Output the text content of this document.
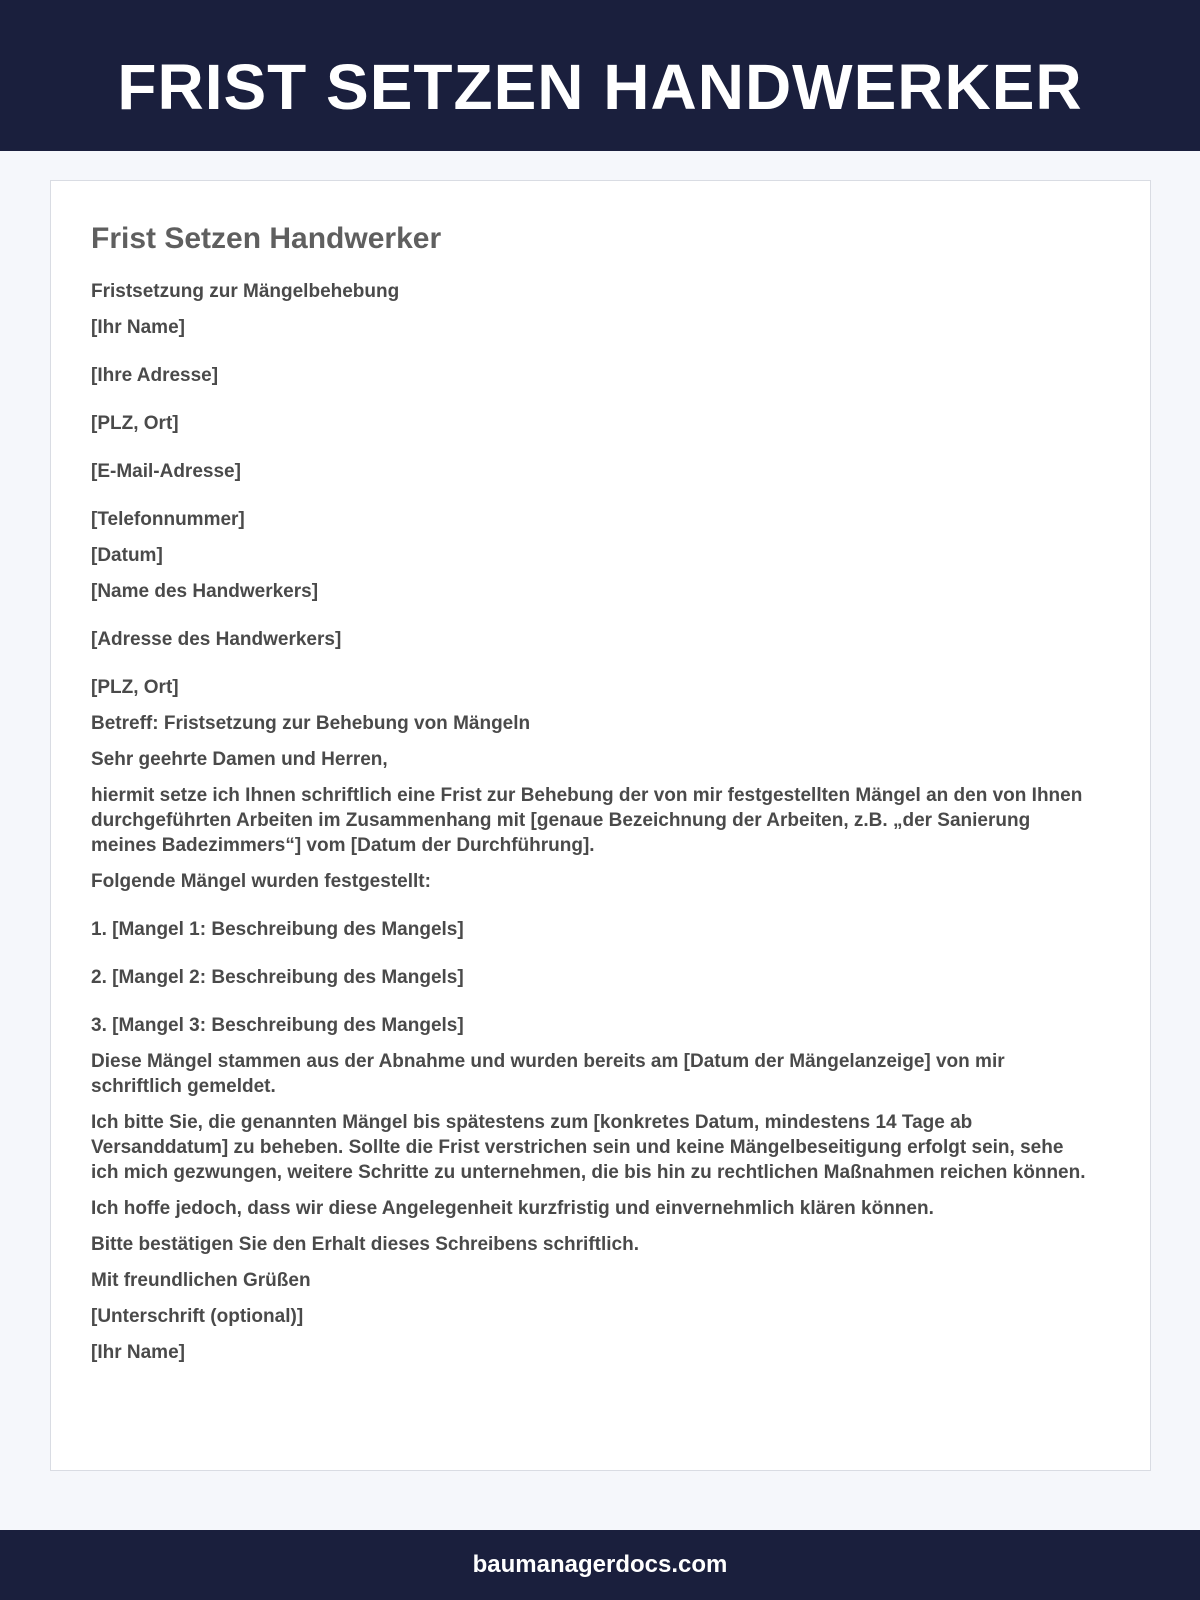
FRIST SETZEN HANDWERKER
Frist Setzen Handwerker
Fristsetzung zur Mängelbehebung
[Ihr Name]
[Ihre Adresse]
[PLZ, Ort]
[E-Mail-Adresse]
[Telefonnummer]
[Datum]
[Name des Handwerkers]
[Adresse des Handwerkers]
[PLZ, Ort]
Betreff: Fristsetzung zur Behebung von Mängeln
Sehr geehrte Damen und Herren,
hiermit setze ich Ihnen schriftlich eine Frist zur Behebung der von mir festgestellten Mängel an den von Ihnen durchgeführten Arbeiten im Zusammenhang mit [genaue Bezeichnung der Arbeiten, z.B. „der Sanierung meines Badezimmers“] vom [Datum der Durchführung].
Folgende Mängel wurden festgestellt:
1. [Mangel 1: Beschreibung des Mangels]
2. [Mangel 2: Beschreibung des Mangels]
3. [Mangel 3: Beschreibung des Mangels]
Diese Mängel stammen aus der Abnahme und wurden bereits am [Datum der Mängelanzeige] von mir schriftlich gemeldet.
Ich bitte Sie, die genannten Mängel bis spätestens zum [konkretes Datum, mindestens 14 Tage ab Versanddatum] zu beheben. Sollte die Frist verstrichen sein und keine Mängelbeseitigung erfolgt sein, sehe ich mich gezwungen, weitere Schritte zu unternehmen, die bis hin zu rechtlichen Maßnahmen reichen können.
Ich hoffe jedoch, dass wir diese Angelegenheit kurzfristig und einvernehmlich klären können.
Bitte bestätigen Sie den Erhalt dieses Schreibens schriftlich.
Mit freundlichen Grüßen
[Unterschrift (optional)]
[Ihr Name]
baumanagerdocs.com
